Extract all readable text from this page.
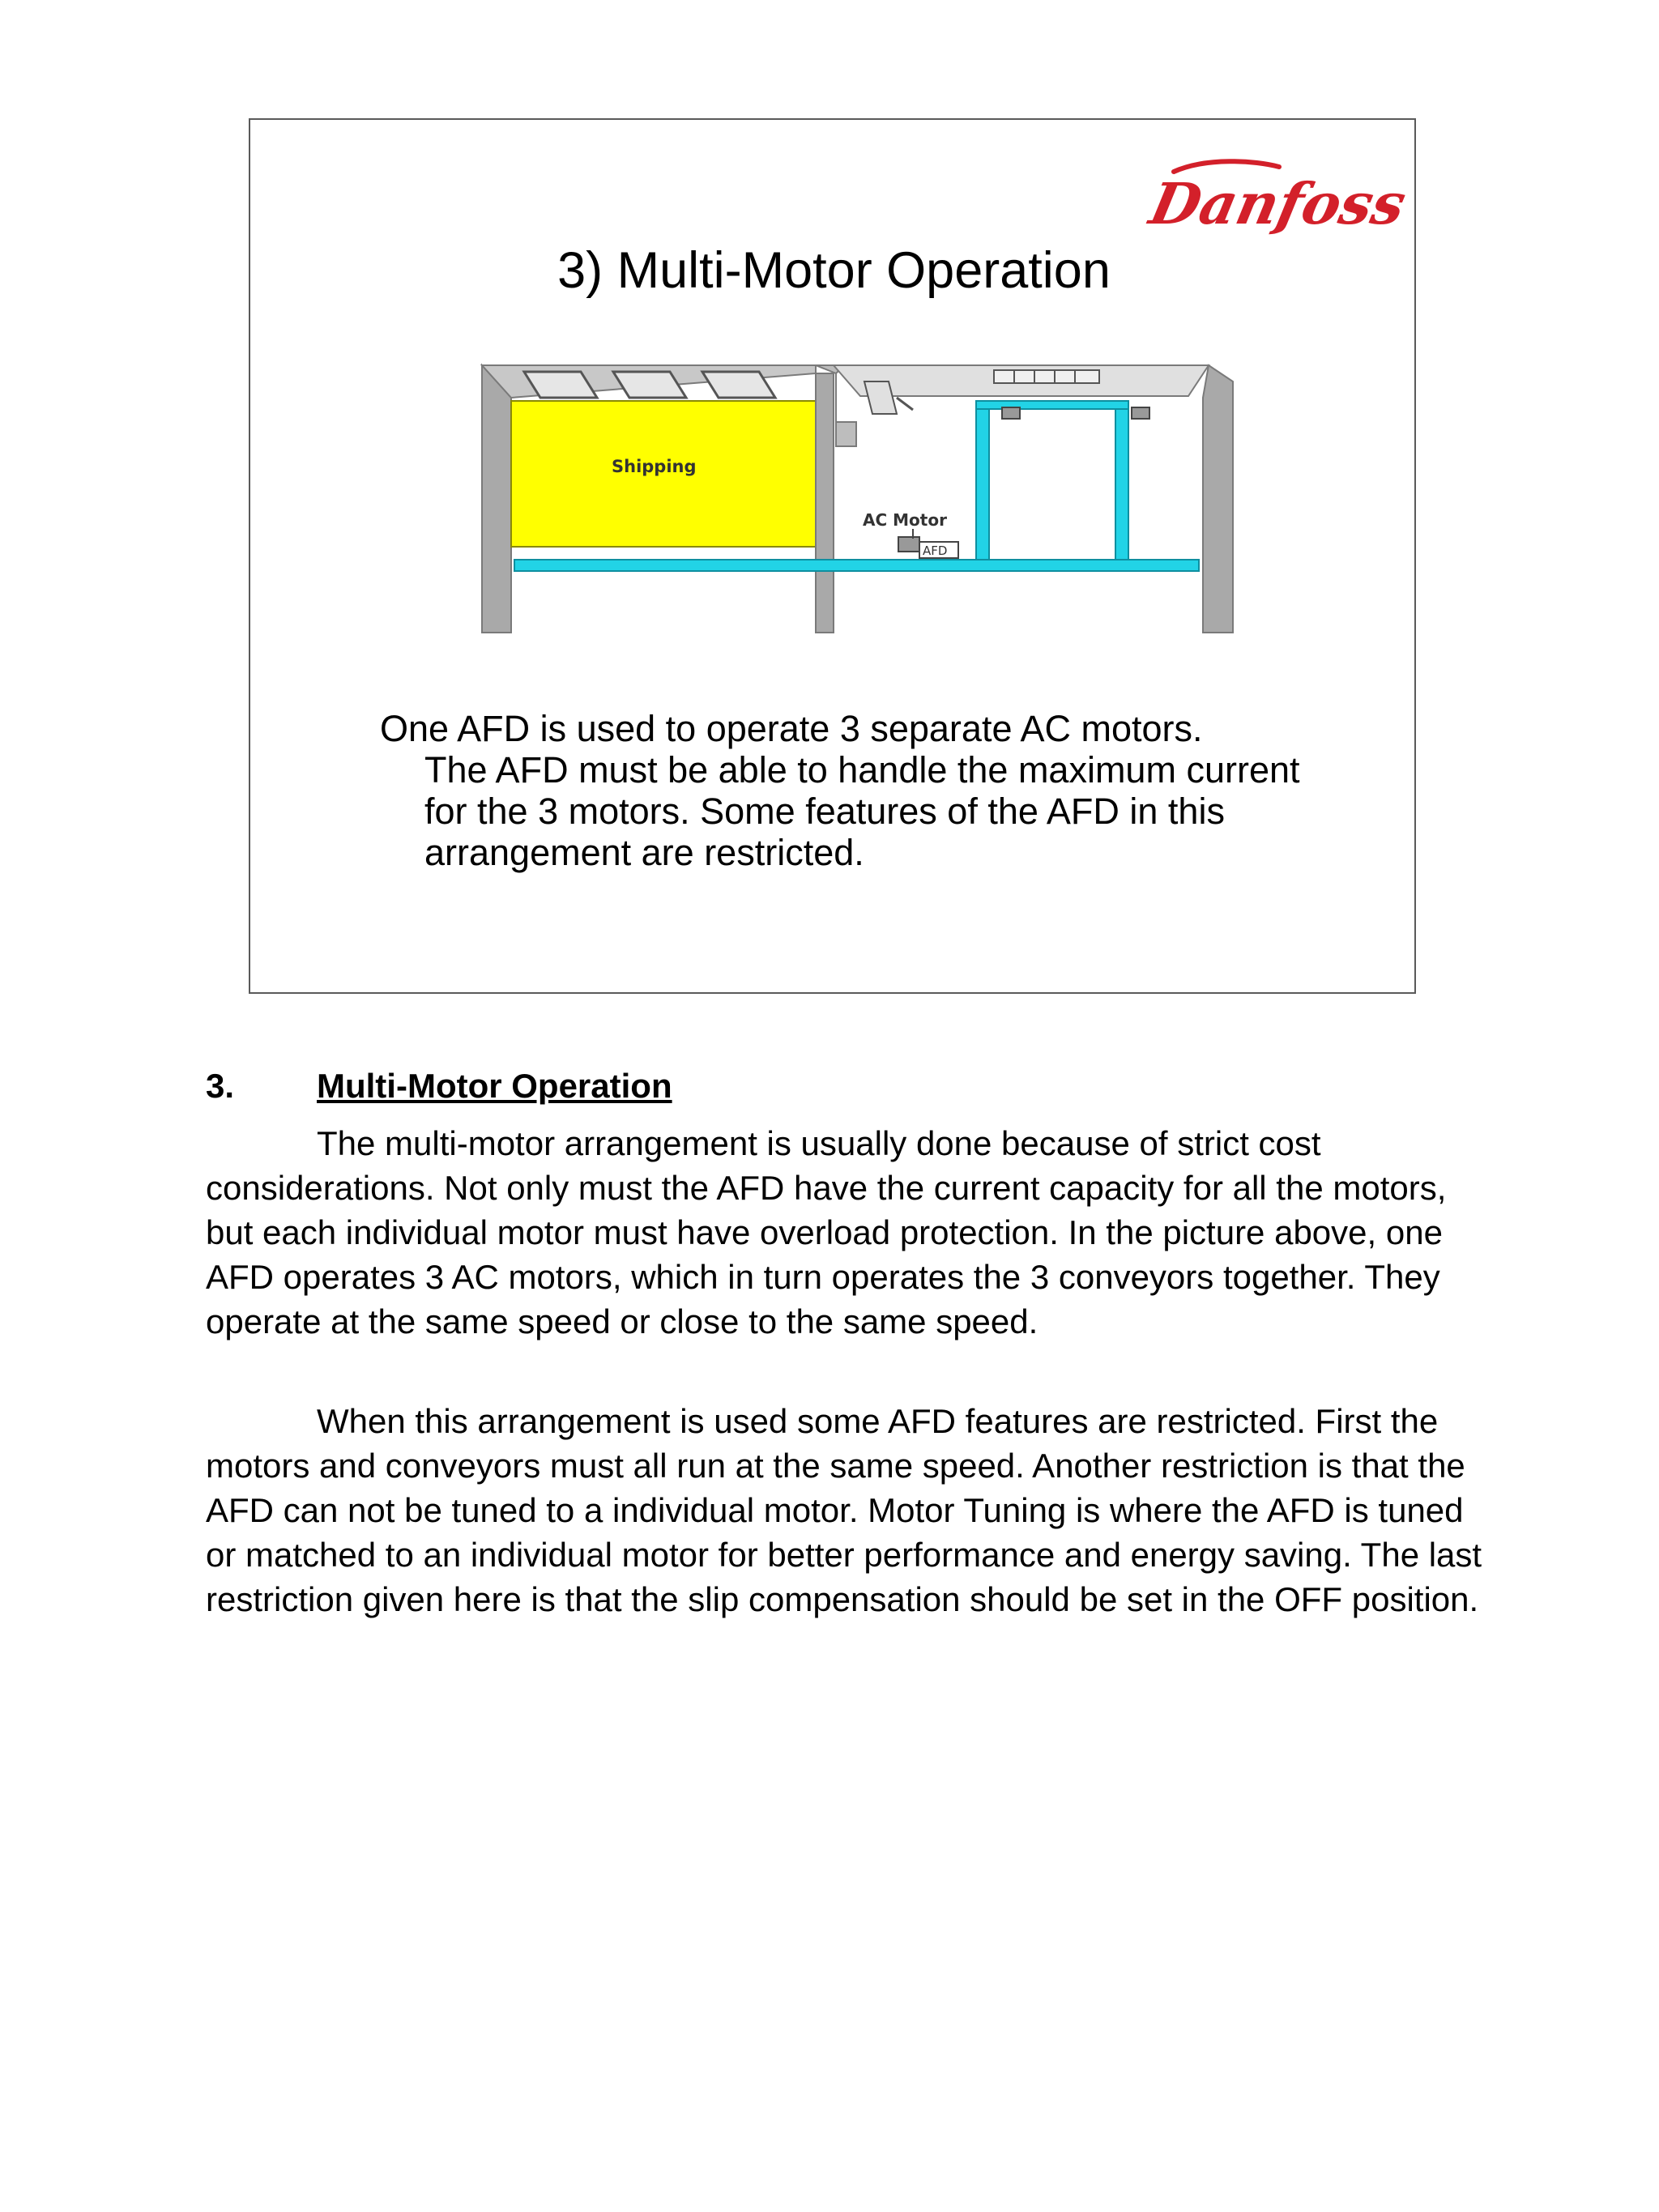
Danfoss
3) Multi-Motor Operation
Shipping
AFD
AC Motor

One AFD is used to operate 3 separate AC motors.
The AFD must be able to handle the maximum current for the 3 motors. Some features of the AFD in this arrangement are restricted.

3. Multi-Motor Operation

The multi-motor arrangement is usually done because of strict cost considerations. Not only must the AFD have the current capacity for all the motors, but each individual motor must have overload protection. In the picture above, one AFD operates 3 AC motors, which in turn operates the 3 conveyors together. They operate at the same speed or close to the same speed.

When this arrangement is used some AFD features are restricted. First the motors and conveyors must all run at the same speed. Another restriction is that the AFD can not be tuned to a individual motor. Motor Tuning is where the AFD is tuned or matched to an individual motor for better performance and energy saving. The last restriction given here is that the slip compensation should be set in the OFF position.
